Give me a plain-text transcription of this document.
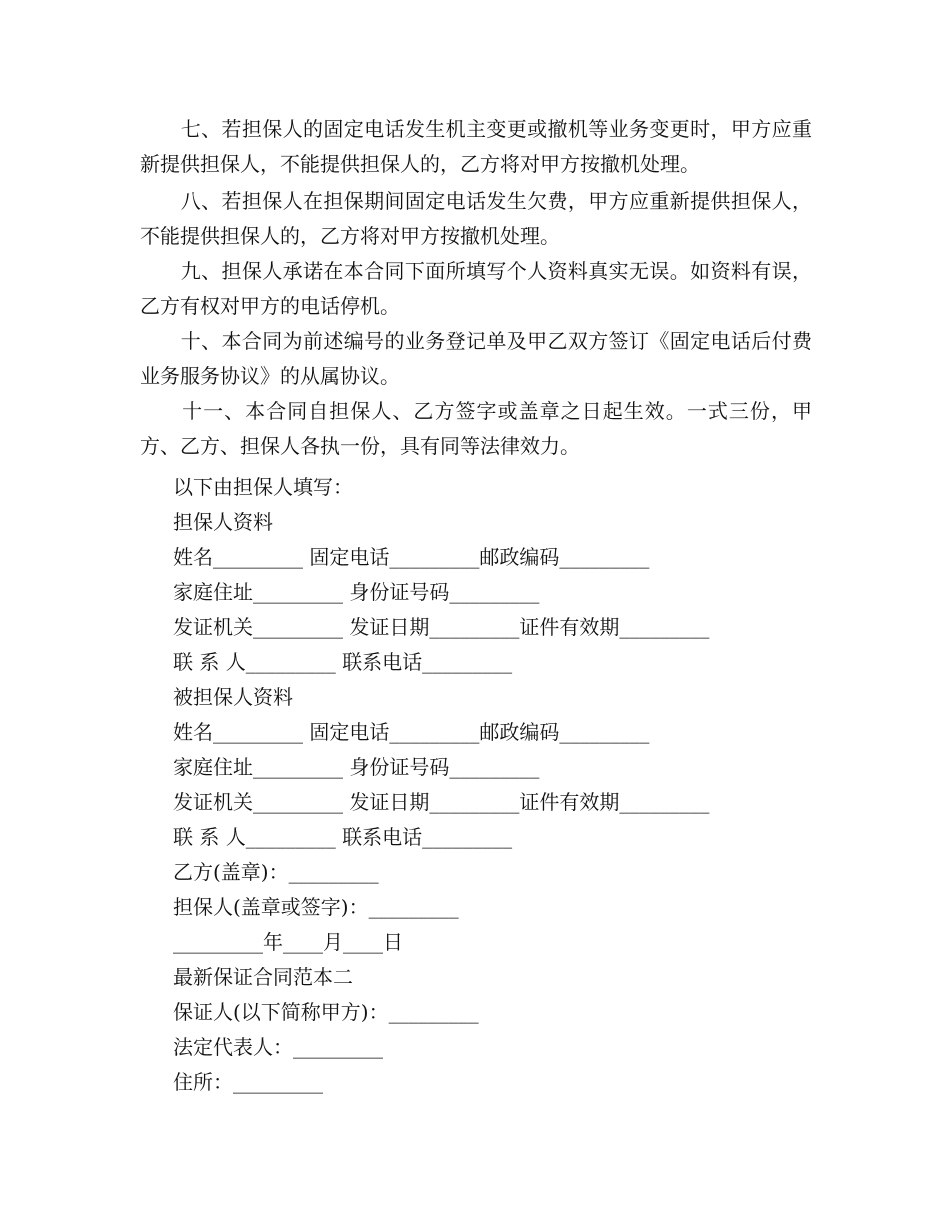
　　七、若担保人的固定电话发生机主变更或撤机等业务变更时，甲方应重新提供担保人，不能提供担保人的，乙方将对甲方按撤机处理。

　　八、若担保人在担保期间固定电话发生欠费，甲方应重新提供担保人，不能提供担保人的，乙方将对甲方按撤机处理。

　　九、担保人承诺在本合同下面所填写个人资料真实无误。如资料有误，乙方有权对甲方的电话停机。

　　十、本合同为前述编号的业务登记单及甲乙双方签订《固定电话后付费业务服务协议》的从属协议。

　　十一、本合同自担保人、乙方签字或盖章之日起生效。一式三份，甲方、乙方、担保人各执一份，具有同等法律效力。

以下由担保人填写：

担保人资料

姓名_________ 固定电话_________邮政编码_________

家庭住址_________ 身份证号码_________

发证机关_________ 发证日期_________证件有效期_________

联 系 人_________ 联系电话_________

被担保人资料

姓名_________ 固定电话_________邮政编码_________

家庭住址_________ 身份证号码_________

发证机关_________ 发证日期_________证件有效期_________

联 系 人_________ 联系电话_________

乙方(盖章)：_________

担保人(盖章或签字)：_________

_________年____月____日

最新保证合同范本二

保证人(以下简称甲方)：_________

法定代表人：_________

住所：_________
